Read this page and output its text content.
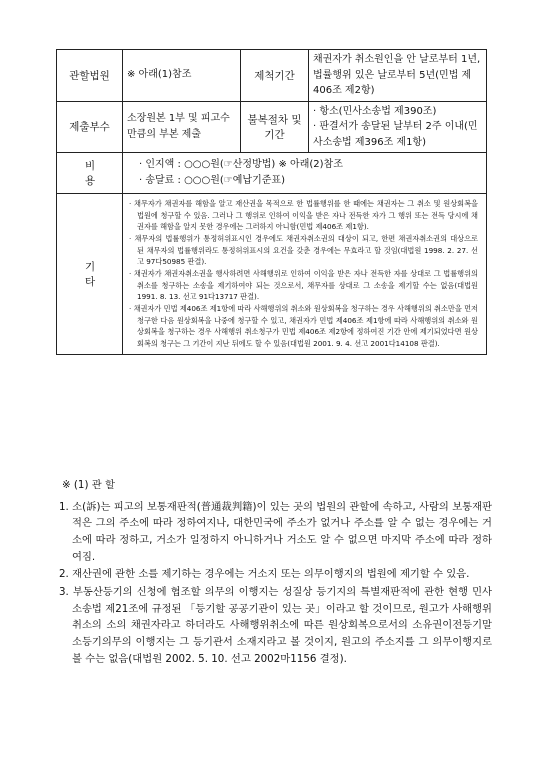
관할법원	※ 아래(1)참조	제척기간	채권자가 취소원인을 안 날로부터 1년, 법률행위 있은 날로부터 5년(민법 제406조 제2항)
제출부수	소장원본 1부 및 피고수만큼의 부본 제출	불복절차 및 기간	· 항소(민사소송법 제390조)
· 판결서가 송달된 날부터 2주 이내(민사소송법 제396조 제1항)

비 용	· 인지액 : ○○○원(☞산정방법) ※ 아래(2)참조
· 송달료 : ○○○원(☞예납기준표)		

기 타	· 채무자가 채권자를 해함을 알고 재산권을 목적으로 한 법률행위를 한 때에는 채권자는 그 취소 및 원상회복을 법원에 청구할 수 있음. 그러나 그 행위로 인하여 이익을 받은 자나 전득한 자가 그 행위 또는 전득 당시에 채권자를 해함을 알지 못한 경우에는 그러하지 아니함(민법 제406조 제1항).

· 채무자의 법률행위가 통정허위표시인 경우에도 채권자취소권의 대상이 되고, 한편 채권자취소권의 대상으로 된 채무자의 법률행위라도 통정허위표시의 요건을 갖춘 경우에는 무효라고 할 것임(대법원 1998. 2. 27. 선고 97다50985 판결).

· 채권자가 채권자취소권을 행사하려면 사해행위로 인하여 이익을 받은 자나 전득한 자를 상대로 그 법률행위의 취소를 청구하는 소송을 제기하여야 되는 것으로서, 채무자를 상대로 그 소송을 제기할 수는 없음(대법원 1991. 8. 13. 선고 91다13717 판결).

· 채권자가 민법 제406조 제1항에 따라 사해행위의 취소와 원상회복을 청구하는 경우 사해행위의 취소만을 먼저 청구한 다음 원상회복을 나중에 청구할 수 있고, 채권자가 민법 제406조 제1항에 따라 사해행위의 취소와 원상회복을 청구하는 경우 사해행위 취소청구가 민법 제406조 제2항에 정하여진 기간 안에 제기되었다면 원상회복의 청구는 그 기간이 지난 뒤에도 할 수 있음(대법원 2001. 9. 4. 선고 2001다14108 판결).		

※ (1) 관 할

1. 소(訴)는 피고의 보통재판적(普通裁判籍)이 있는 곳의 법원의 관할에 속하고, 사람의 보통재판적은 그의 주소에 따라 정하여지나, 대한민국에 주소가 없거나 주소를 알 수 없는 경우에는 거소에 따라 정하고, 거소가 일정하지 아니하거나 거소도 알 수 없으면 마지막 주소에 따라 정하여짐.

2. 재산권에 관한 소를 제기하는 경우에는 거소지 또는 의무이행지의 법원에 제기할 수 있음.

3. 부동산등기의 신청에 협조할 의무의 이행지는 성질상 등기지의 특별재판적에 관한 현행 민사소송법 제21조에 규정된 「등기할 공공기관이 있는 곳」이라고 할 것이므로, 원고가 사해행위취소의 소의 채권자라고 하더라도 사해행위취소에 따른 원상회복으로서의 소유권이전등기말소등기의무의 이행지는 그 등기관서 소재지라고 볼 것이지, 원고의 주소지를 그 의무이행지로 볼 수는 없음(대법원 2002. 5. 10. 선고 2002마1156 결정).
